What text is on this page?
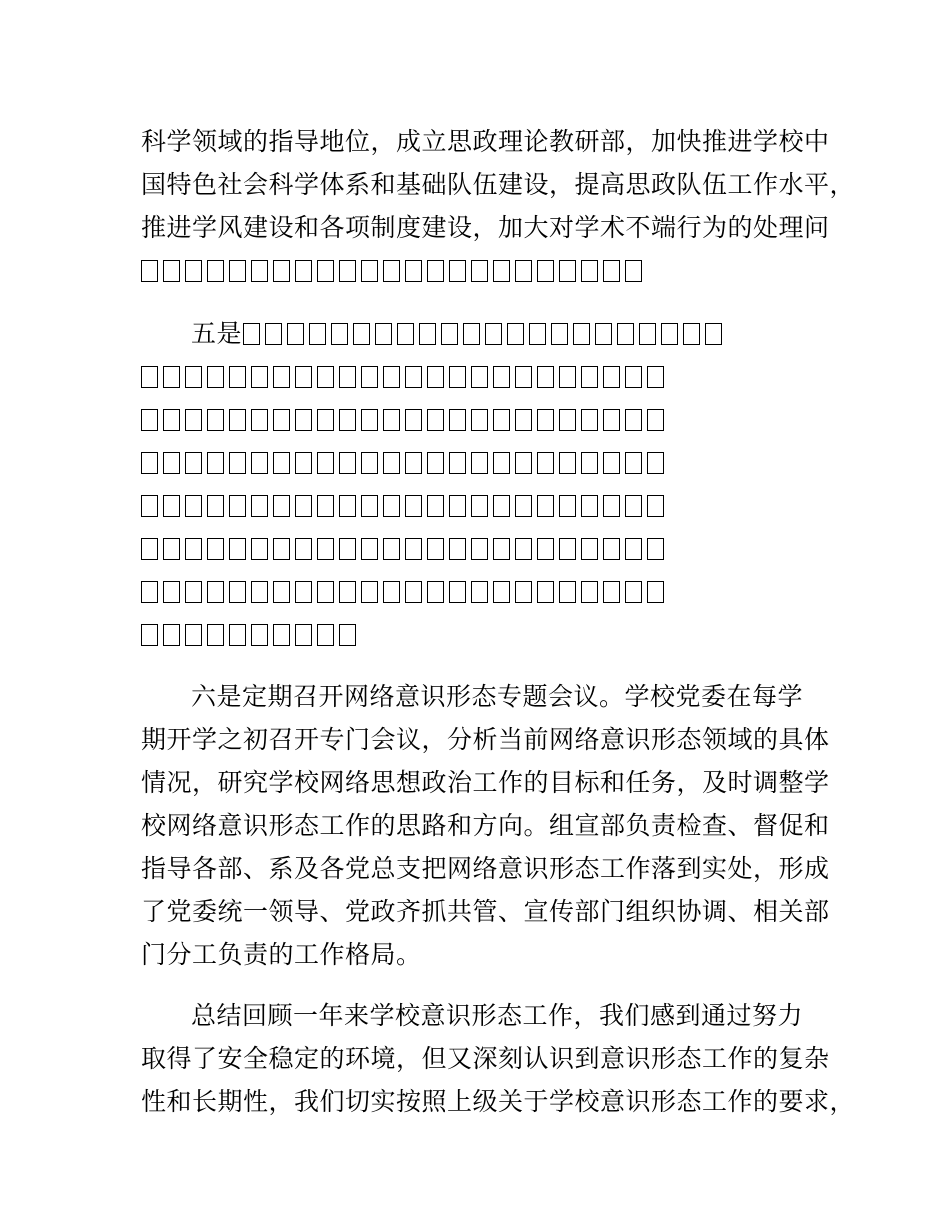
科学领域的指导地位，成立思政理论教研部，加快推进学校中
国特色社会科学体系和基础队伍建设，提高思政队伍工作水平，
推进学风建设和各项制度建设，加大对学术不端行为的处理问
五是
六是定期召开网络意识形态专题会议。学校党委在每学
期开学之初召开专门会议，分析当前网络意识形态领域的具体
情况，研究学校网络思想政治工作的目标和任务，及时调整学
校网络意识形态工作的思路和方向。组宣部负责检查、督促和
指导各部、系及各党总支把网络意识形态工作落到实处，形成
了党委统一领导、党政齐抓共管、宣传部门组织协调、相关部
门分工负责的工作格局。
总结回顾一年来学校意识形态工作，我们感到通过努力
取得了安全稳定的环境，但又深刻认识到意识形态工作的复杂
性和长期性，我们切实按照上级关于学校意识形态工作的要求，
